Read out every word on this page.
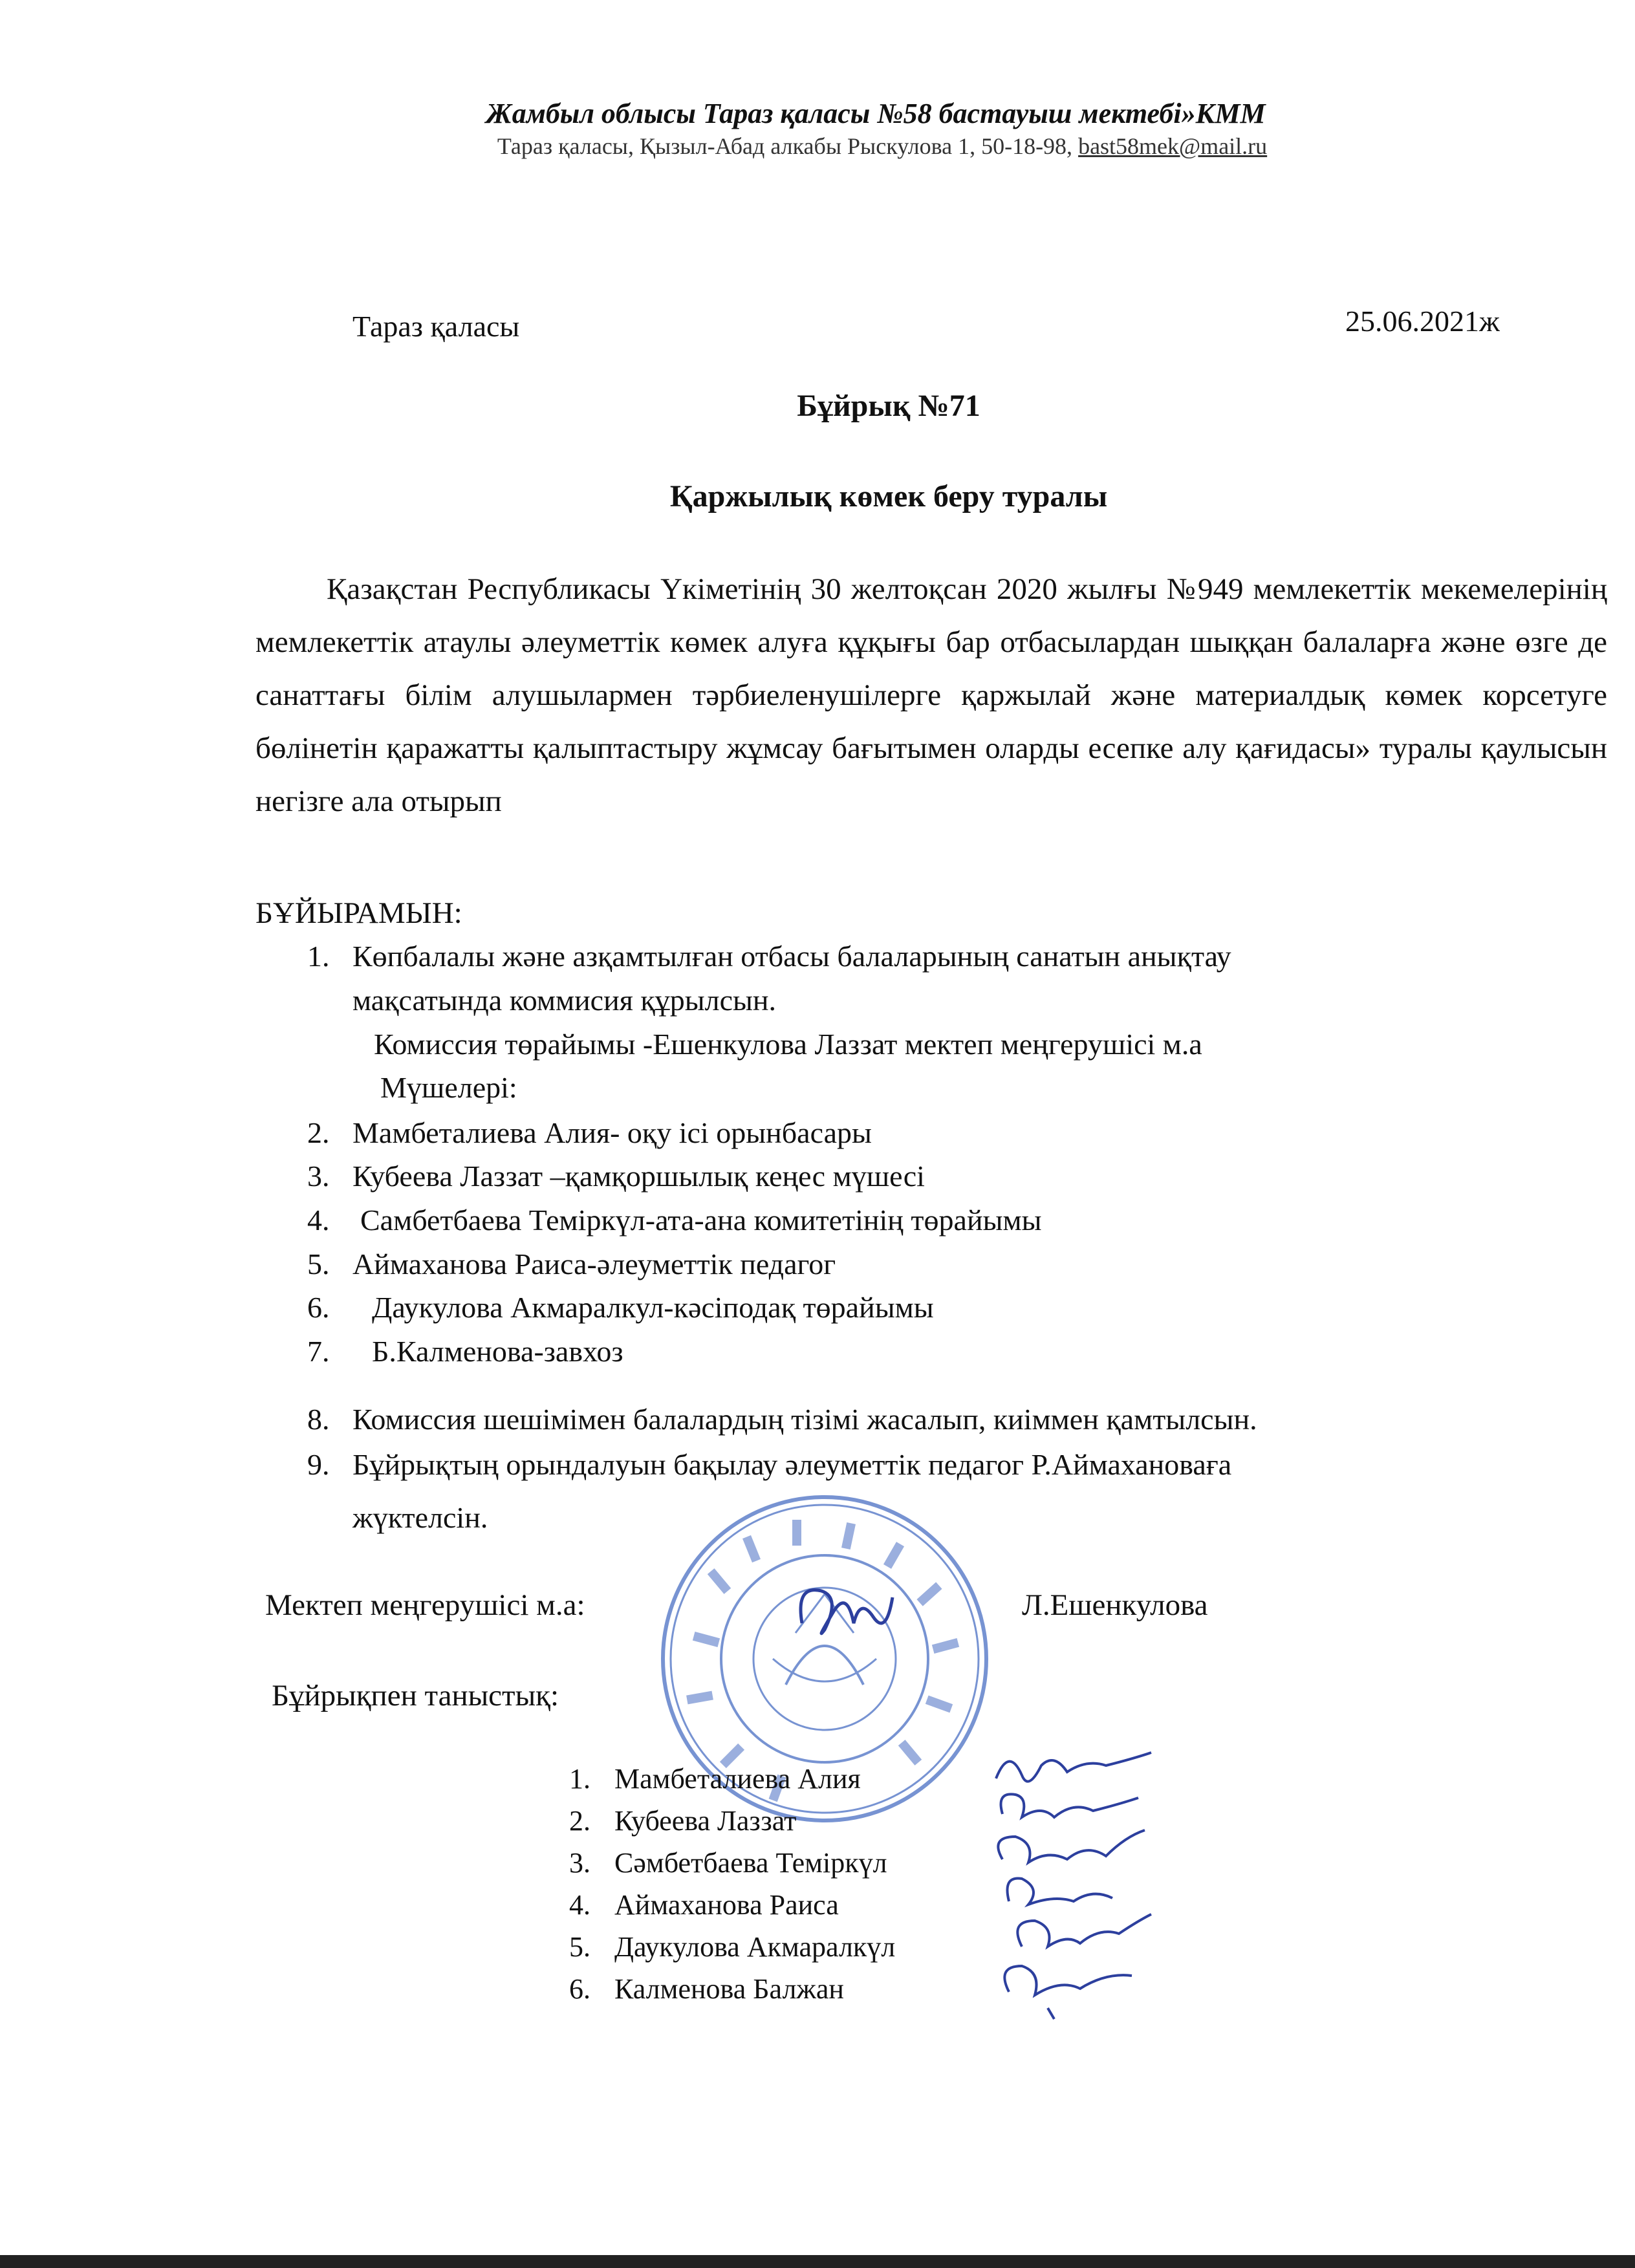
Жамбыл облысы Тараз қаласы №58 бастауыш мектебі»КММ
Тараз қаласы, Қызыл-Абад алкабы Рыскулова 1, 50-18-98, bast58mek@mail.ru
Тараз қаласы	25.06.2021ж
Бұйрық №71
Қаржылық көмек беру туралы
Қазақстан Республикасы Үкіметінің 30 желтоқсан 2020 жылғы №949 мемлекеттік мекемелерінің мемлекеттік атаулы әлеуметтік көмек алуға құқығы бар отбасылардан шыққан балаларға және өзге де санаттағы білім алушылармен тәрбиеленушілерге қаржылай және материалдық көмек корсетуге бөлінетін қаражатты қалыптастыру жұмсау бағытымен оларды есепке алу қағидасы» туралы қаулысын негізге ала отырып
БҰЙЫРАМЫН:
1. Көпбалалы және азқамтылған отбасы балаларының санатын анықтау
мақсатында коммисия құрылсын.
Комиссия төрайымы -Ешенкулова Лаззат мектеп меңгерушісі м.а
Мүшелері:
2. Мамбеталиева Алия- оқу ісі орынбасары
3. Кубеева Лаззат –қамқоршылық кеңес мүшесі
4. Самбетбаева Теміркүл-ата-ана комитетінің төрайымы
5. Аймаханова Раиса-әлеуметтік педагог
6. Даукулова Акмаралкул-кәсіподақ төрайымы
7. Б.Калменова-завхоз
8. Комиссия шешімімен балалардың тізімі жасалып, киіммен қамтылсын.
9. Бұйрықтың орындалуын бақылау әлеуметтік педагог Р.Аймахановаға
жүктелсін.
Мектеп меңгерушісі м.а:	Л.Ешенкулова
Бұйрықпен таныстық:
1. Мамбеталиева Алия
2. Кубеева Лаззат
3. Сәмбетбаева Теміркүл
4. Аймаханова Раиса
5. Даукулова Акмаралкүл
6. Калменова Балжан
